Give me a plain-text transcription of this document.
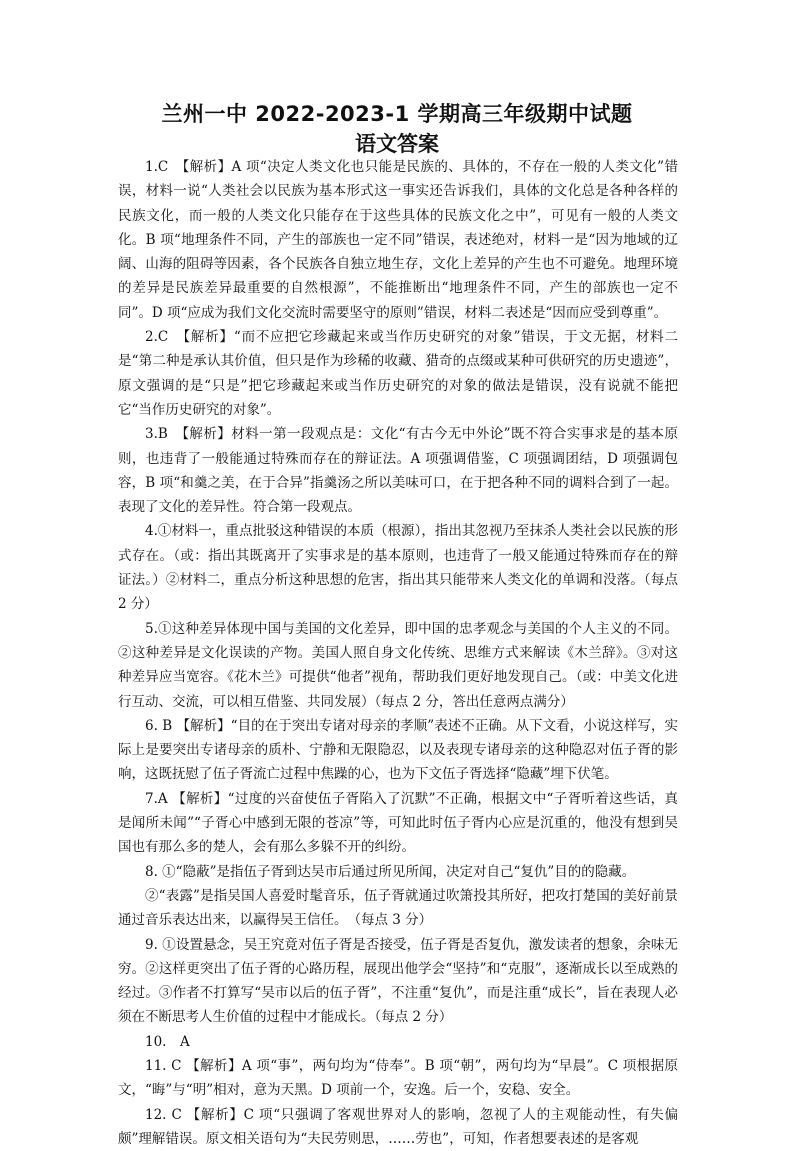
兰州一中 2022-2023-1 学期高三年级期中试题
语文答案

1.C　【解析】A 项“决定人类文化也只能是民族的、具体的，不存在一般的人类文化”错误，材料一说“人类社会以民族为基本形式这一事实还告诉我们，具体的文化总是各种各样的民族文化，而一般的人类文化只能存在于这些具体的民族文化之中”，可见有一般的人类文化。B 项“地理条件不同，产生的部族也一定不同”错误，表述绝对，材料一是“因为地域的辽阔、山海的阻碍等因素，各个民族各自独立地生存，文化上差异的产生也不可避免。地理环境的差异是民族差异最重要的自然根源”，不能推断出“地理条件不同，产生的部族也一定不同”。D 项“应成为我们文化交流时需要坚守的原则”错误，材料二表述是“因而应受到尊重”。

2.C　【解析】“而不应把它珍藏起来或当作历史研究的对象”错误，于文无据，材料二是“第二种是承认其价值，但只是作为珍稀的收藏、猎奇的点缀或某种可供研究的历史遗迹”，原文强调的是“只是”把它珍藏起来或当作历史研究的对象的做法是错误，没有说就不能把它“当作历史研究的对象”。

3.B　【解析】材料一第一段观点是：文化“有古今无中外论”既不符合实事求是的基本原则，也违背了一般能通过特殊而存在的辩证法。A 项强调借鉴，C 项强调团结，D 项强调包容，B 项“和羹之美，在于合异”指羹汤之所以美味可口，在于把各种不同的调料合到了一起。表现了文化的差异性。符合第一段观点。

4.①材料一，重点批驳这种错误的本质（根源），指出其忽视乃至抹杀人类社会以民族的形式存在。（或：指出其既离开了实事求是的基本原则，也违背了一般又能通过特殊而存在的辩证法。）②材料二，重点分析这种思想的危害，指出其只能带来人类文化的单调和没落。（每点 2 分）

5.①这种差异体现中国与美国的文化差异，即中国的忠孝观念与美国的个人主义的不同。②这种差异是文化误读的产物。美国人照自身文化传统、思维方式来解读《木兰辞》。③对这种差异应当宽容。《花木兰》可提供“他者”视角，帮助我们更好地发现自己。（或：中美文化进行互动、交流，可以相互借鉴、共同发展）（每点 2 分，答出任意两点满分）

6. B 【解析】“目的在于突出专诸对母亲的孝顺”表述不正确。从下文看，小说这样写，实际上是要突出专诸母亲的质朴、宁静和无限隐忍，以及表现专诸母亲的这种隐忍对伍子胥的影响，这既抚慰了伍子胥流亡过程中焦躁的心，也为下文伍子胥选择“隐藏”埋下伏笔。

7.A 【解析】“过度的兴奋使伍子胥陷入了沉默”不正确，根据文中“子胥听着这些话，真是闻所未闻”“子胥心中感到无限的苍凉”等，可知此时伍子胥内心应是沉重的，他没有想到吴国也有那么多的楚人，会有那么多躲不开的纠纷。

8. ①“隐蔽”是指伍子胥到达吴市后通过所见所闻，决定对自己“复仇”目的的隐藏。

②“表露”是指吴国人喜爱时髦音乐，伍子胥就通过吹箫投其所好，把攻打楚国的美好前景通过音乐表达出来，以赢得吴王信任。　（每点 3 分）

9. ①设置悬念，吴王究竟对伍子胥是否接受，伍子胥是否复仇，激发读者的想象，余味无穷。②这样更突出了伍子胥的心路历程，展现出他学会“坚持”和“克服”，逐渐成长以至成熟的经过。③作者不打算写“吴市以后的伍子胥”，不注重“复仇”，而是注重“成长”，旨在表现人必须在不断思考人生价值的过程中才能成长。（每点 2 分）

10.　A

11. C 【解析】A 项“事”，两句均为“侍奉”。B 项“朝”，两句均为“早晨”。C 项根据原文，“晦”与“明”相对，意为天黑。D 项前一个，安逸。后一个，安稳、安全。

12. C 【解析】C 项“只强调了客观世界对人的影响，忽视了人的主观能动性，有失偏颇”理解错误。原文相关语句为“夫民劳则思，……劳也”，可知，作者想要表述的是客观
